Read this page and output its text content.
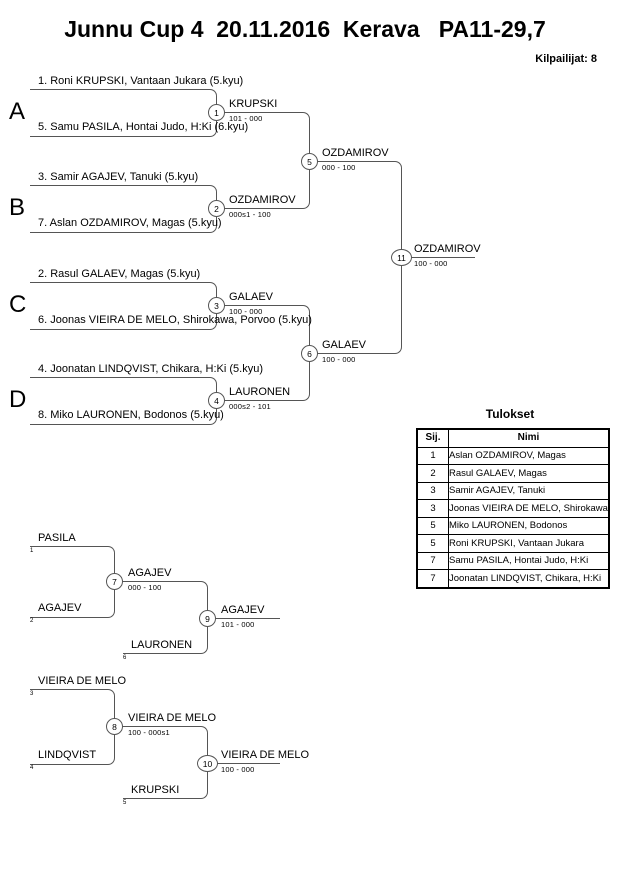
Junnu Cup 4  20.11.2016  Kerava   PA11-29,7
Kilpailijat: 8
A
B
C
D
1. Roni KRUPSKI, Vantaan Jukara (5.kyu)
5. Samu PASILA, Hontai Judo, H:Ki (6.kyu)
3. Samir AGAJEV, Tanuki (5.kyu)
7. Aslan OZDAMIROV, Magas (5.kyu)
2. Rasul GALAEV, Magas (5.kyu)
6. Joonas VIEIRA DE MELO, Shirokawa, Porvoo (5.kyu)
4. Joonatan LINDQVIST, Chikara, H:Ki (5.kyu)
8. Miko LAURONEN, Bodonos (5.kyu)
1
2
3
4
5
6
11
KRUPSKI
101 - 000
OZDAMIROV
000s1 - 100
GALAEV
100 - 000
LAURONEN
000s2 - 101
OZDAMIROV
000 - 100
GALAEV
100 - 000
OZDAMIROV
100 - 000
7
9
PASILA
1
AGAJEV
2
LAURONEN
6
AGAJEV
000 - 100
AGAJEV
101 - 000
8
10
VIEIRA DE MELO
3
LINDQVIST
4
KRUPSKI
5
VIEIRA DE MELO
100 - 000s1
VIEIRA DE MELO
100 - 000
Tulokset
Sij.	Nimi
1	Aslan OZDAMIROV, Magas
2	Rasul GALAEV, Magas
3	Samir AGAJEV, Tanuki
3	Joonas VIEIRA DE MELO, Shirokawa
5	Miko LAURONEN, Bodonos
5	Roni KRUPSKI, Vantaan Jukara
7	Samu PASILA, Hontai Judo, H:Ki
7	Joonatan LINDQVIST, Chikara, H:Ki
